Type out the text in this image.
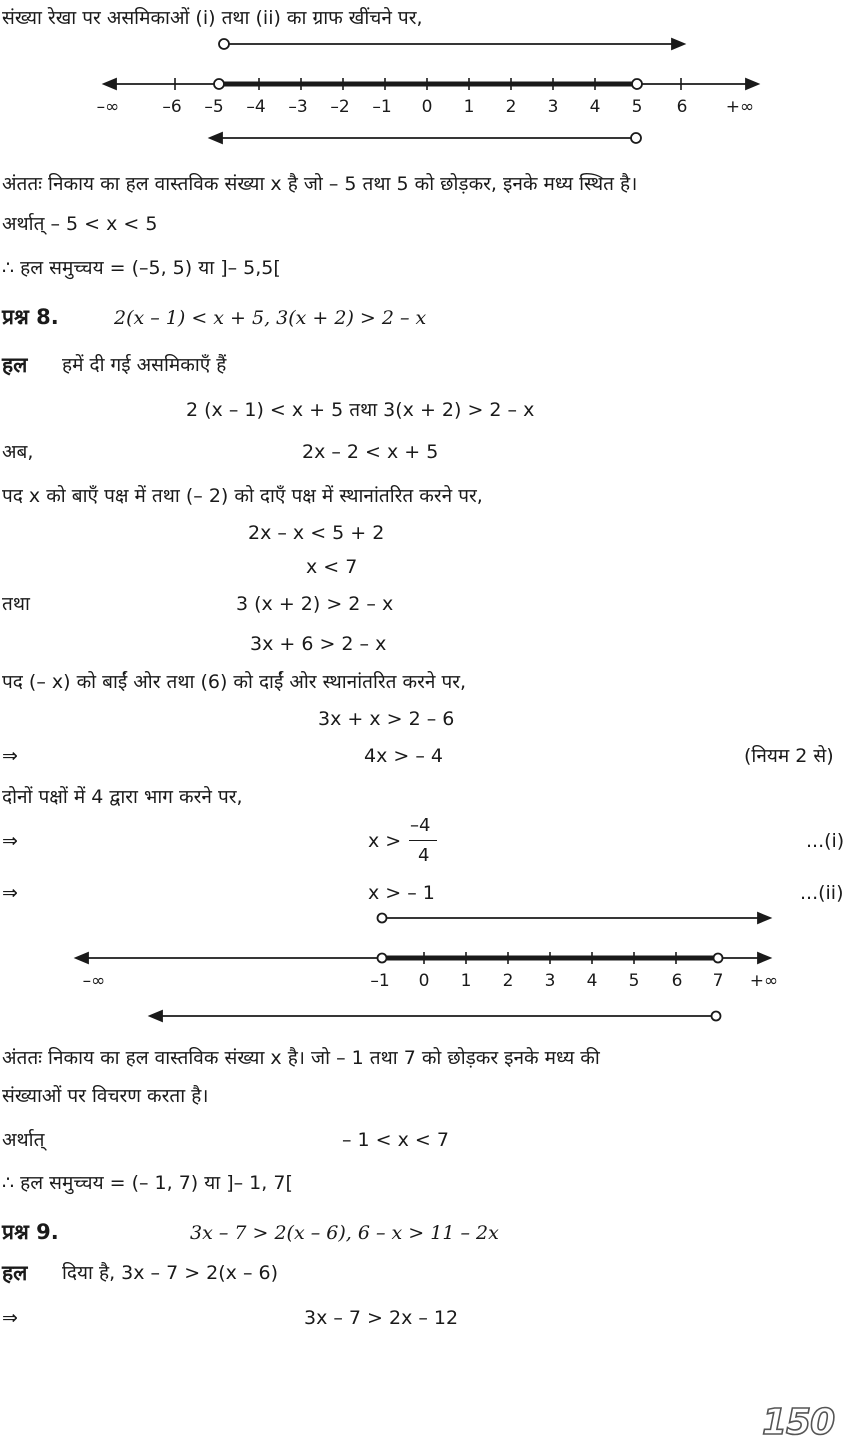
संख्या रेखा पर असमिकाओं (i) तथा (ii) का ग्राफ खींचने पर,
–∞	–6 –5 –4 –3 –2 –1 0 1 2 3 4 5 6 +∞
अंततः निकाय का हल वास्तविक संख्या x है जो – 5 तथा 5 को छोड़कर, इनके मध्य स्थित है।
अर्थात् – 5 < x < 5
∴ हल समुच्चय = (–5, 5) या ]– 5,5[
प्रश्न 8.	2(x – 1) < x + 5, 3(x + 2) > 2 – x
हल हमें दी गई असमिकाएँ हैं
2 (x – 1) < x + 5 तथा 3(x + 2) > 2 – x
अब,	2x – 2 < x + 5
पद x को बाएँ पक्ष में तथा (– 2) को दाएँ पक्ष में स्थानांतरित करने पर,
2x – x < 5 + 2
x < 7
तथा	3 (x + 2) > 2 – x
3x + 6 > 2 – x
पद (– x) को बाईं ओर तथा (6) को दाईं ओर स्थानांतरित करने पर,
3x + x > 2 – 6
⇒	4x > – 4	(नियम 2 से)
दोनों पक्षों में 4 द्वारा भाग करने पर,
⇒	x >
–4
4
...(i)
⇒	x > – 1	...(ii)
–∞	–1 0 1 2 3 4 5 6 7 +∞
अंततः निकाय का हल वास्तविक संख्या x है। जो – 1 तथा 7 को छोड़कर इनके मध्य की
संख्याओं पर विचरण करता है।
अर्थात्	– 1 < x < 7
∴ हल समुच्चय = (– 1, 7) या ]– 1, 7[
प्रश्न 9.	3x – 7 > 2(x – 6), 6 – x > 11 – 2x
हल दिया है, 3x – 7 > 2(x – 6)
⇒	3x – 7 > 2x – 12
150
